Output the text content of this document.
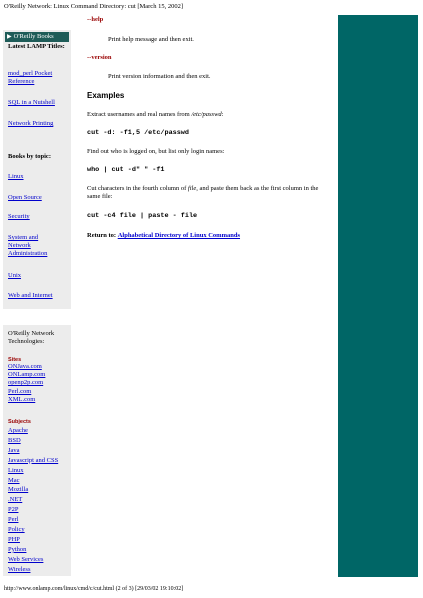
O'Reilly Network: Linux Command Directory: cut [March 15, 2002]
▶ O'Reilly Books
Latest LAMP Titles:
mod_perl Pocket Reference
SQL in a Nutshell
Network Printing
Books by topic:
Linux
Open Source
Security
System and Network Administration
Unix
Web and Internet
O'Reilly Network Technologies:
Sites
ONJava.com
ONLamp.com
openp2p.com
Perl.com
XML.com
Subjects
Apache
BSD
Java
Javascript and CSS
Linux
Mac
Mozilla
.NET
P2P
Perl
Policy
PHP
Python
Web Services
Wireless
--help
Print help message and then exit.
--version
Print version information and then exit.
Examples
Extract usernames and real names from /etc/passwd:
cut -d: -f1,5 /etc/passwd
Find out who is logged on, but list only login names:
who | cut -d" " -f1
Cut characters in the fourth column of file, and paste them back as the first column in the same file:
cut -c4 file | paste - file
Return to: Alphabetical Directory of Linux Commands
http://www.onlamp.com/linux/cmd/c/cut.html (2 of 3) [29/03/02 19:10:02]
